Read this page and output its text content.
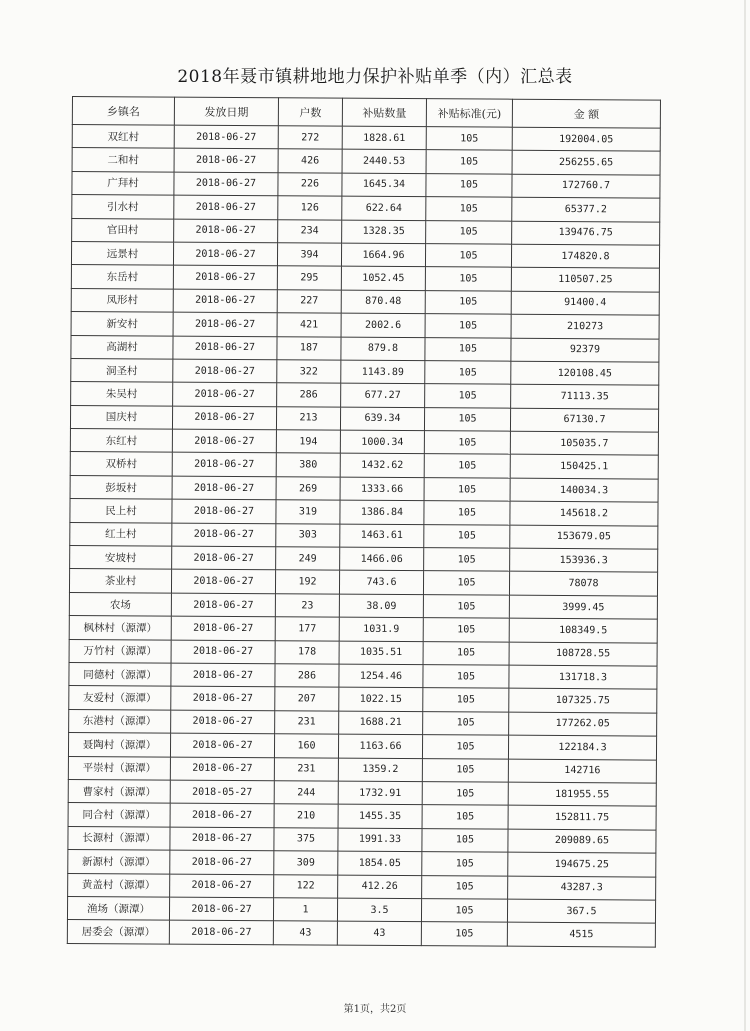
2018年聂市镇耕地地力保护补贴单季（内）汇总表
乡镇名	发放日期	户数	补贴数量	补贴标准(元)	金 额
双红村	2018-06-27	272	1828.61	105	192004.05
二和村	2018-06-27	426	2440.53	105	256255.65
广拜村	2018-06-27	226	1645.34	105	172760.7
引水村	2018-06-27	126	622.64	105	65377.2
官田村	2018-06-27	234	1328.35	105	139476.75
远景村	2018-06-27	394	1664.96	105	174820.8
东岳村	2018-06-27	295	1052.45	105	110507.25
凤形村	2018-06-27	227	870.48	105	91400.4
新安村	2018-06-27	421	2002.6	105	210273
高湖村	2018-06-27	187	879.8	105	92379
洞圣村	2018-06-27	322	1143.89	105	120108.45
朱吴村	2018-06-27	286	677.27	105	71113.35
国庆村	2018-06-27	213	639.34	105	67130.7
东红村	2018-06-27	194	1000.34	105	105035.7
双桥村	2018-06-27	380	1432.62	105	150425.1
彭坂村	2018-06-27	269	1333.66	105	140034.3
民上村	2018-06-27	319	1386.84	105	145618.2
红土村	2018-06-27	303	1463.61	105	153679.05
安坡村	2018-06-27	249	1466.06	105	153936.3
茶业村	2018-06-27	192	743.6	105	78078
农场	2018-06-27	23	38.09	105	3999.45
枫林村（源潭）	2018-06-27	177	1031.9	105	108349.5
万竹村（源潭）	2018-06-27	178	1035.51	105	108728.55
同德村（源潭）	2018-06-27	286	1254.46	105	131718.3
友爱村（源潭）	2018-06-27	207	1022.15	105	107325.75
东港村（源潭）	2018-06-27	231	1688.21	105	177262.05
聂陶村（源潭）	2018-06-27	160	1163.66	105	122184.3
平崇村（源潭）	2018-06-27	231	1359.2	105	142716
曹家村（源潭）	2018-05-27	244	1732.91	105	181955.55
同合村（源潭）	2018-06-27	210	1455.35	105	152811.75
长源村（源潭）	2018-06-27	375	1991.33	105	209089.65
新源村（源潭）	2018-06-27	309	1854.05	105	194675.25
黄盖村（源潭）	2018-06-27	122	412.26	105	43287.3
渔场（源潭）	2018-06-27	1	3.5	105	367.5
居委会（源潭）	2018-06-27	43	43	105	4515
第1页，共2页
